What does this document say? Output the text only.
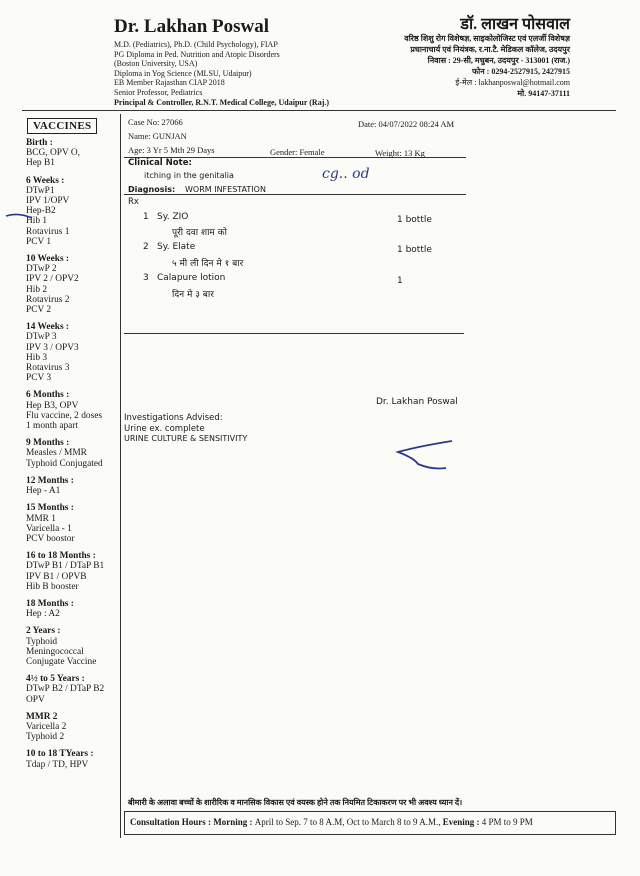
Dr. Lakhan Poswal
M.D. (Pediatrics), Ph.D. (Child Psychology), FIAP
PG Diploma in Ped. Nutrition and Atopic Disorders
(Boston University, USA)
Diploma in Yog Science (MLSU, Udaipur)
EB Member Rajasthan CIAP 2018
Senior Professor, Pediatrics
Principal & Controller, R.N.T. Medical College, Udaipur (Raj.)
डॉ. लाखन पोसवाल
वरिष्ठ शिशु रोग विशेषज्ञ, साइकोलोजिस्ट एवं एलर्जी विशेषज्ञ
प्रधानाचार्य एवं नियंत्रक, र.ना.टै. मेडिकल कॉलेज, उदयपुर
निवास : 29-सी, मधुबन, उदयपुर - 313001 (राज.)
फोन : 0294-2527915, 2427915
ई-मेल : lakhanposwal@hotmail.com
मो. 94147-37111
VACCINES
Birth :
BCG, OPV O,
Hep B1
6 Weeks :
DTwP1
IPV 1/OPV
Hep-B2
Hib 1
Rotavirus 1
PCV 1
10 Weeks :
DTwP 2
IPV 2 / OPV2
Hib 2
Rotavirus 2
PCV 2
14 Weeks :
DTwP 3
IPV 3 / OPV3
Hib 3
Rotavirus 3
PCV 3
6 Months :
Hep B3, OPV
Flu vaccine, 2 doses
1 month apart
9 Months :
Measles / MMR
Typhoid Conjugated
12 Months :
Hep - A1
15 Months :
MMR 1
Varicella - 1
PCV boostor
16 to 18 Months :
DTwP B1 / DTaP B1
IPV B1 / OPVB
Hib B booster
18 Months :
Hep : A2
2 Years :
Typhoid
Meningococcal
Conjugate Vaccine
4½ to 5 Years :
DTwP B2 / DTaP B2
OPV
MMR 2
Varicella 2
Typhoid 2
10 to 18 TYears :
Tdap / TD, HPV
Case No: 27066	Date: 04/07/2022 08:24 AM
Name: GUNJAN
Age: 3 Yr 5 Mth 29 Days	Gender: Female	Weight: 13 Kg
Clinical Note:
itching in the genitalia
Diagnosis: WORM INFESTATION
cg.. od
Rx
1 Sy. ZIO
पूरी दवा शाम को
1 bottle
2 Sy. Elate
५ मी ली दिन मे १ बार
1 bottle
3 Calapure lotion
दिन मे ३ बार
1
Dr. Lakhan Poswal
Investigations Advised:
Urine ex. complete
URINE CULTURE & SENSITIVITY
बीमारी के अलावा बच्चों के शारीरिक व मानसिक विकास एवं वयस्क होने तक नियमित टिकाकरण पर भी अवश्य ध्यान दें।
Consultation Hours : Morning : April to Sep. 7 to 8 A.M, Oct to March 8 to 9 A.M., Evening : 4 PM to 9 PM
